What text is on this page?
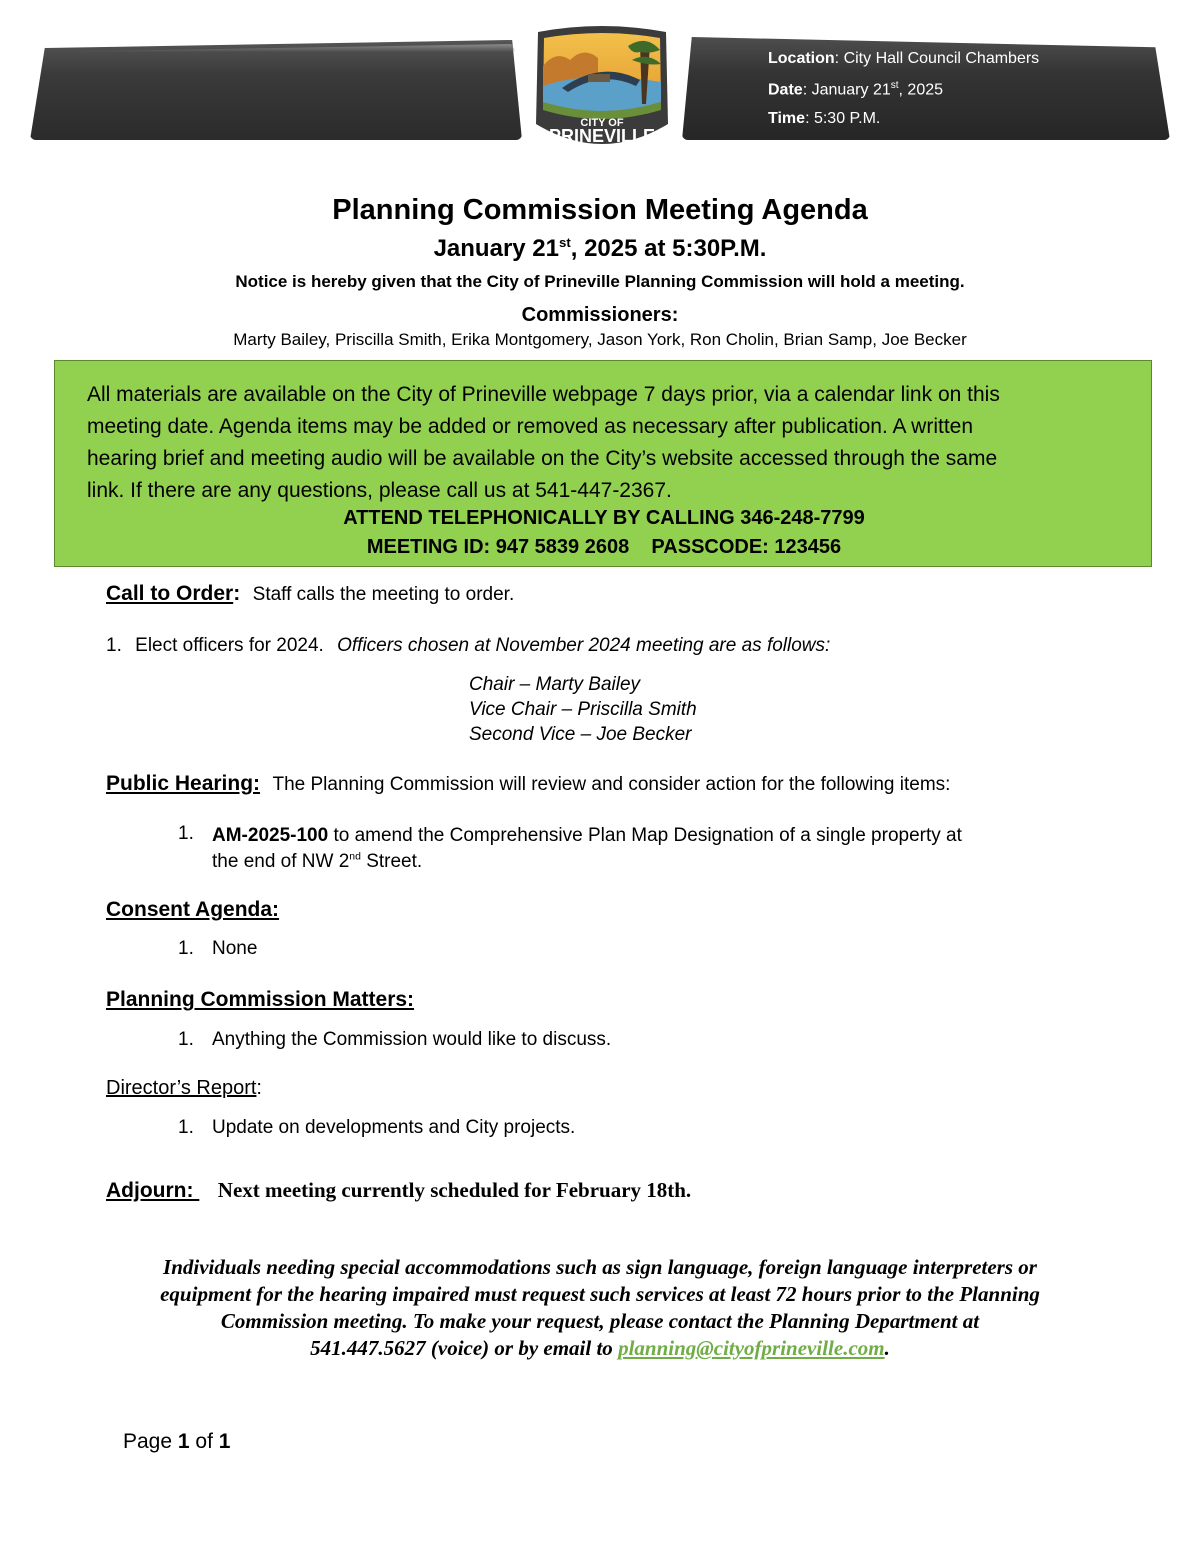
Location: City Hall Council Chambers
Date: January 21st, 2025
Time: 5:30 P.M.
CITY OF
PRINEVILLE
OREGON
Planning Commission Meeting Agenda
January 21st, 2025 at 5:30P.M.
Notice is hereby given that the City of Prineville Planning Commission will hold a meeting.
Commissioners:
Marty Bailey, Priscilla Smith, Erika Montgomery, Jason York, Ron Cholin, Brian Samp, Joe Becker
All materials are available on the City of Prineville webpage 7 days prior, via a calendar link on this
meeting date. Agenda items may be added or removed as necessary after publication. A written
hearing brief and meeting audio will be available on the City’s website accessed through the same
link. If there are any questions, please call us at 541-447-2367.
ATTEND TELEPHONICALLY BY CALLING 346-248-7799
MEETING ID: 947 5839 2608    PASSCODE: 123456
Call to Order: Staff calls the meeting to order.
1. Elect officers for 2024. Officers chosen at November 2024 meeting are as follows:
Chair – Marty Bailey
Vice Chair – Priscilla Smith
Second Vice – Joe Becker
Public Hearing: The Planning Commission will review and consider action for the following items:
1. AM-2025-100 to amend the Comprehensive Plan Map Designation of a single property at
the end of NW 2nd Street.
Consent Agenda:
1. None
Planning Commission Matters:
1. Anything the Commission would like to discuss.
Director’s Report:
1. Update on developments and City projects.
Adjourn: Next meeting currently scheduled for February 18th.
Individuals needing special accommodations such as sign language, foreign language interpreters or
equipment for the hearing impaired must request such services at least 72 hours prior to the Planning
Commission meeting. To make your request, please contact the Planning Department at
541.447.5627 (voice) or by email to planning@cityofprineville.com.
Page 1 of 1
